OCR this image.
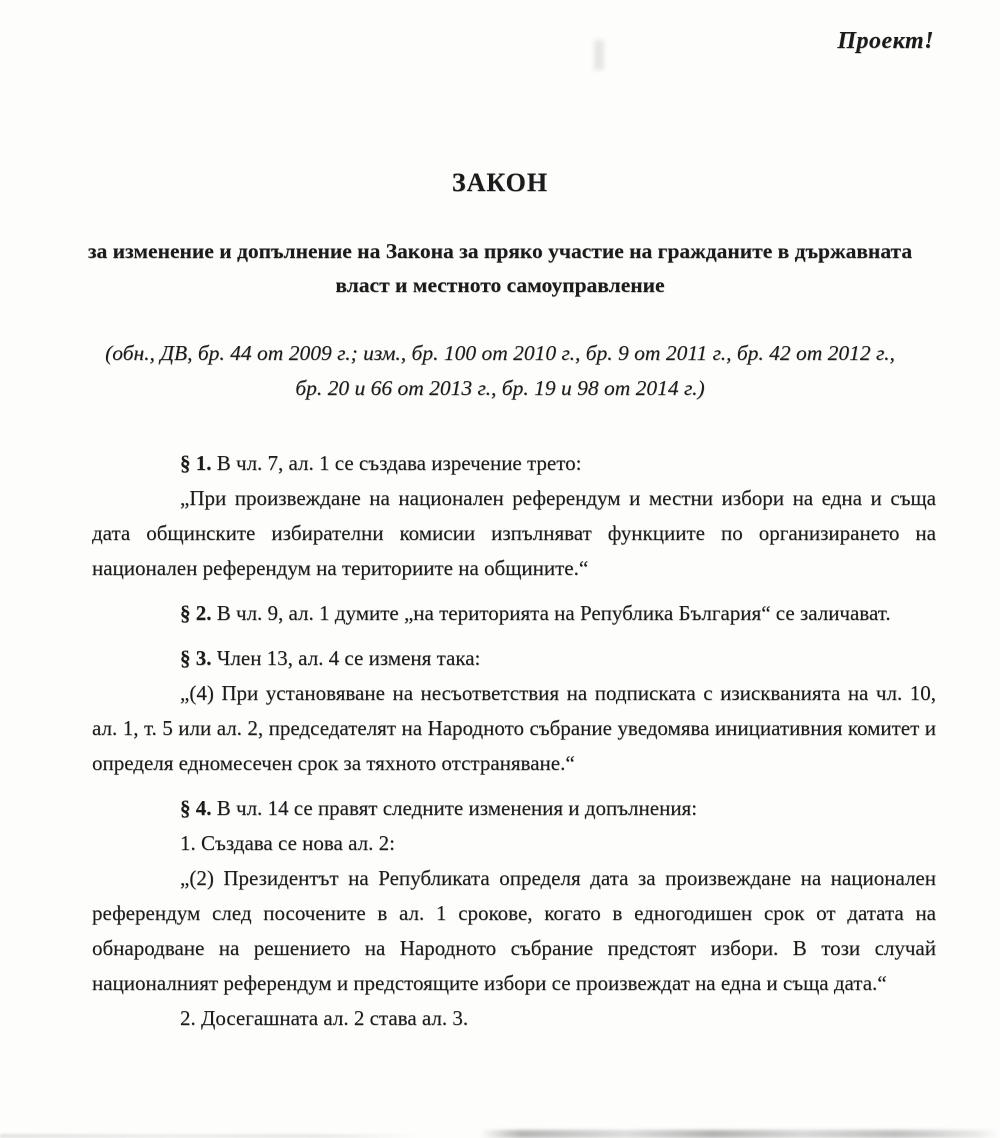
Проект!
ЗАКОН
за изменение и допълнение на Закона за пряко участие на гражданите в държавната власт и местното самоуправление

(обн., ДВ, бр. 44 от 2009 г.; изм., бр. 100 от 2010 г., бр. 9 от 2011 г., бр. 42 от 2012 г., бр. 20 и 66 от 2013 г., бр. 19 и 98 от 2014 г.)

§ 1. В чл. 7, ал. 1 се създава изречение трето:

„При произвеждане на национален референдум и местни избори на една и съща дата общинските избирателни комисии изпълняват функциите по организирането на национален референдум на териториите на общините.“

§ 2. В чл. 9, ал. 1 думите „на територията на Република България“ се заличават.

§ 3. Член 13, ал. 4 се изменя така:

„(4) При установяване на несъответствия на подписката с изискванията на чл. 10, ал. 1, т. 5 или ал. 2, председателят на Народното събрание уведомява инициативния комитет и определя едномесечен срок за тяхното отстраняване.“

§ 4. В чл. 14 се правят следните изменения и допълнения:

1. Създава се нова ал. 2:

„(2) Президентът на Републиката определя дата за произвеждане на национален референдум след посочените в ал. 1 срокове, когато в едногодишен срок от датата на обнародване на решението на Народното събрание предстоят избори. В този случай националният референдум и предстоящите избори се произвеждат на една и съща дата.“

2. Досегашната ал. 2 става ал. 3.
